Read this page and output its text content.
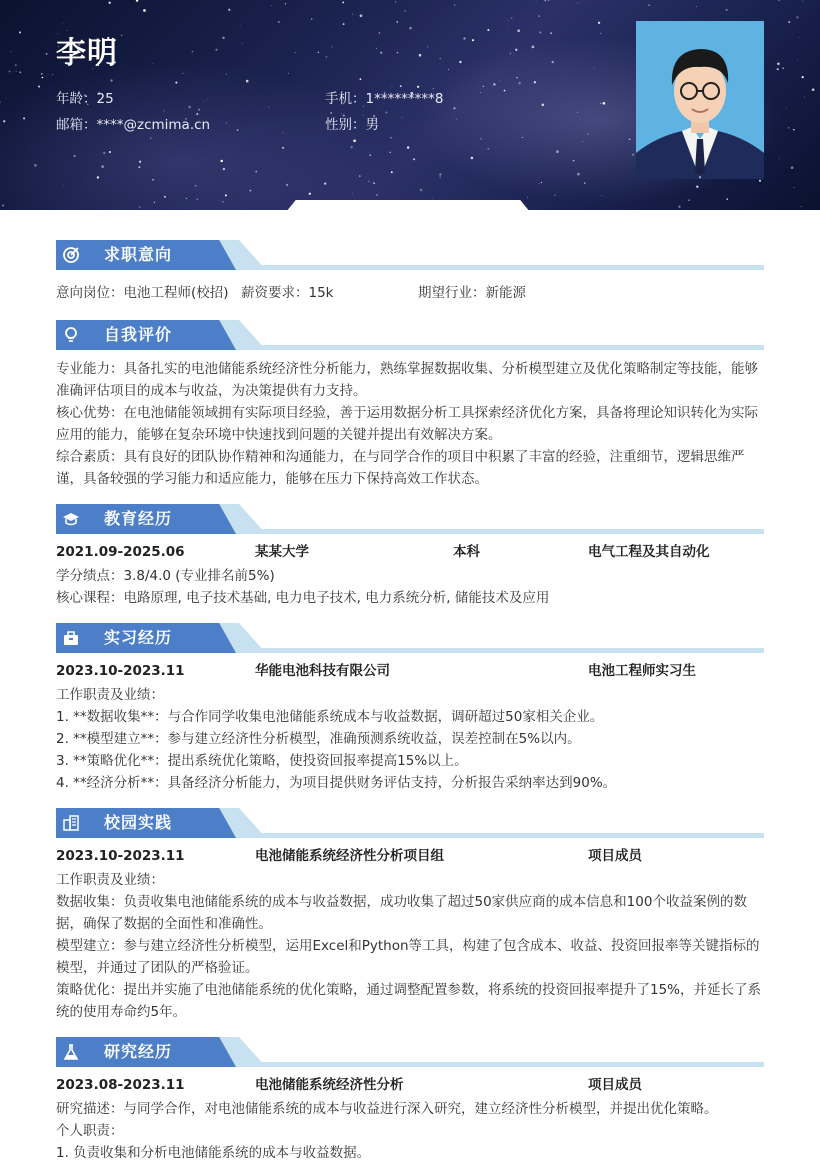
李明
年龄：25	手机：1*********8
邮箱：****@zcmima.cn	性别：男
求职意向
意向岗位：电池工程师(校招) 薪资要求：15k	期望行业：新能源
自我评价
专业能力：具备扎实的电池储能系统经济性分析能力，熟练掌握数据收集、分析模型建立及优化策略制定等技能，能够准确评估项目的成本与收益，为决策提供有力支持。
核心优势：在电池储能领域拥有实际项目经验，善于运用数据分析工具探索经济优化方案，具备将理论知识转化为实际应用的能力，能够在复杂环境中快速找到问题的关键并提出有效解决方案。
综合素质：具有良好的团队协作精神和沟通能力，在与同学合作的项目中积累了丰富的经验，注重细节，逻辑思维严谨，具备较强的学习能力和适应能力，能够在压力下保持高效工作状态。
教育经历
2021.09-2025.06	某某大学	本科	电气工程及其自动化
学分绩点：3.8/4.0 (专业排名前5%)
核心课程：电路原理, 电子技术基础, 电力电子技术, 电力系统分析, 储能技术及应用
实习经历
2023.10-2023.11	华能电池科技有限公司	电池工程师实习生
工作职责及业绩：
1. **数据收集**：与合作同学收集电池储能系统成本与收益数据，调研超过50家相关企业。
2. **模型建立**：参与建立经济性分析模型，准确预测系统收益，误差控制在5%以内。
3. **策略优化**：提出系统优化策略，使投资回报率提高15%以上。
4. **经济分析**：具备经济分析能力，为项目提供财务评估支持，分析报告采纳率达到90%。
校园实践
2023.10-2023.11	电池储能系统经济性分析项目组	项目成员
工作职责及业绩：
数据收集：负责收集电池储能系统的成本与收益数据，成功收集了超过50家供应商的成本信息和100个收益案例的数据，确保了数据的全面性和准确性。
模型建立：参与建立经济性分析模型，运用Excel和Python等工具，构建了包含成本、收益、投资回报率等关键指标的模型，并通过了团队的严格验证。
策略优化：提出并实施了电池储能系统的优化策略，通过调整配置参数，将系统的投资回报率提升了15%，并延长了系统的使用寿命约5年。
研究经历
2023.08-2023.11	电池储能系统经济性分析	项目成员
研究描述：与同学合作，对电池储能系统的成本与收益进行深入研究，建立经济性分析模型，并提出优化策略。
个人职责：
1. 负责收集和分析电池储能系统的成本与收益数据。
